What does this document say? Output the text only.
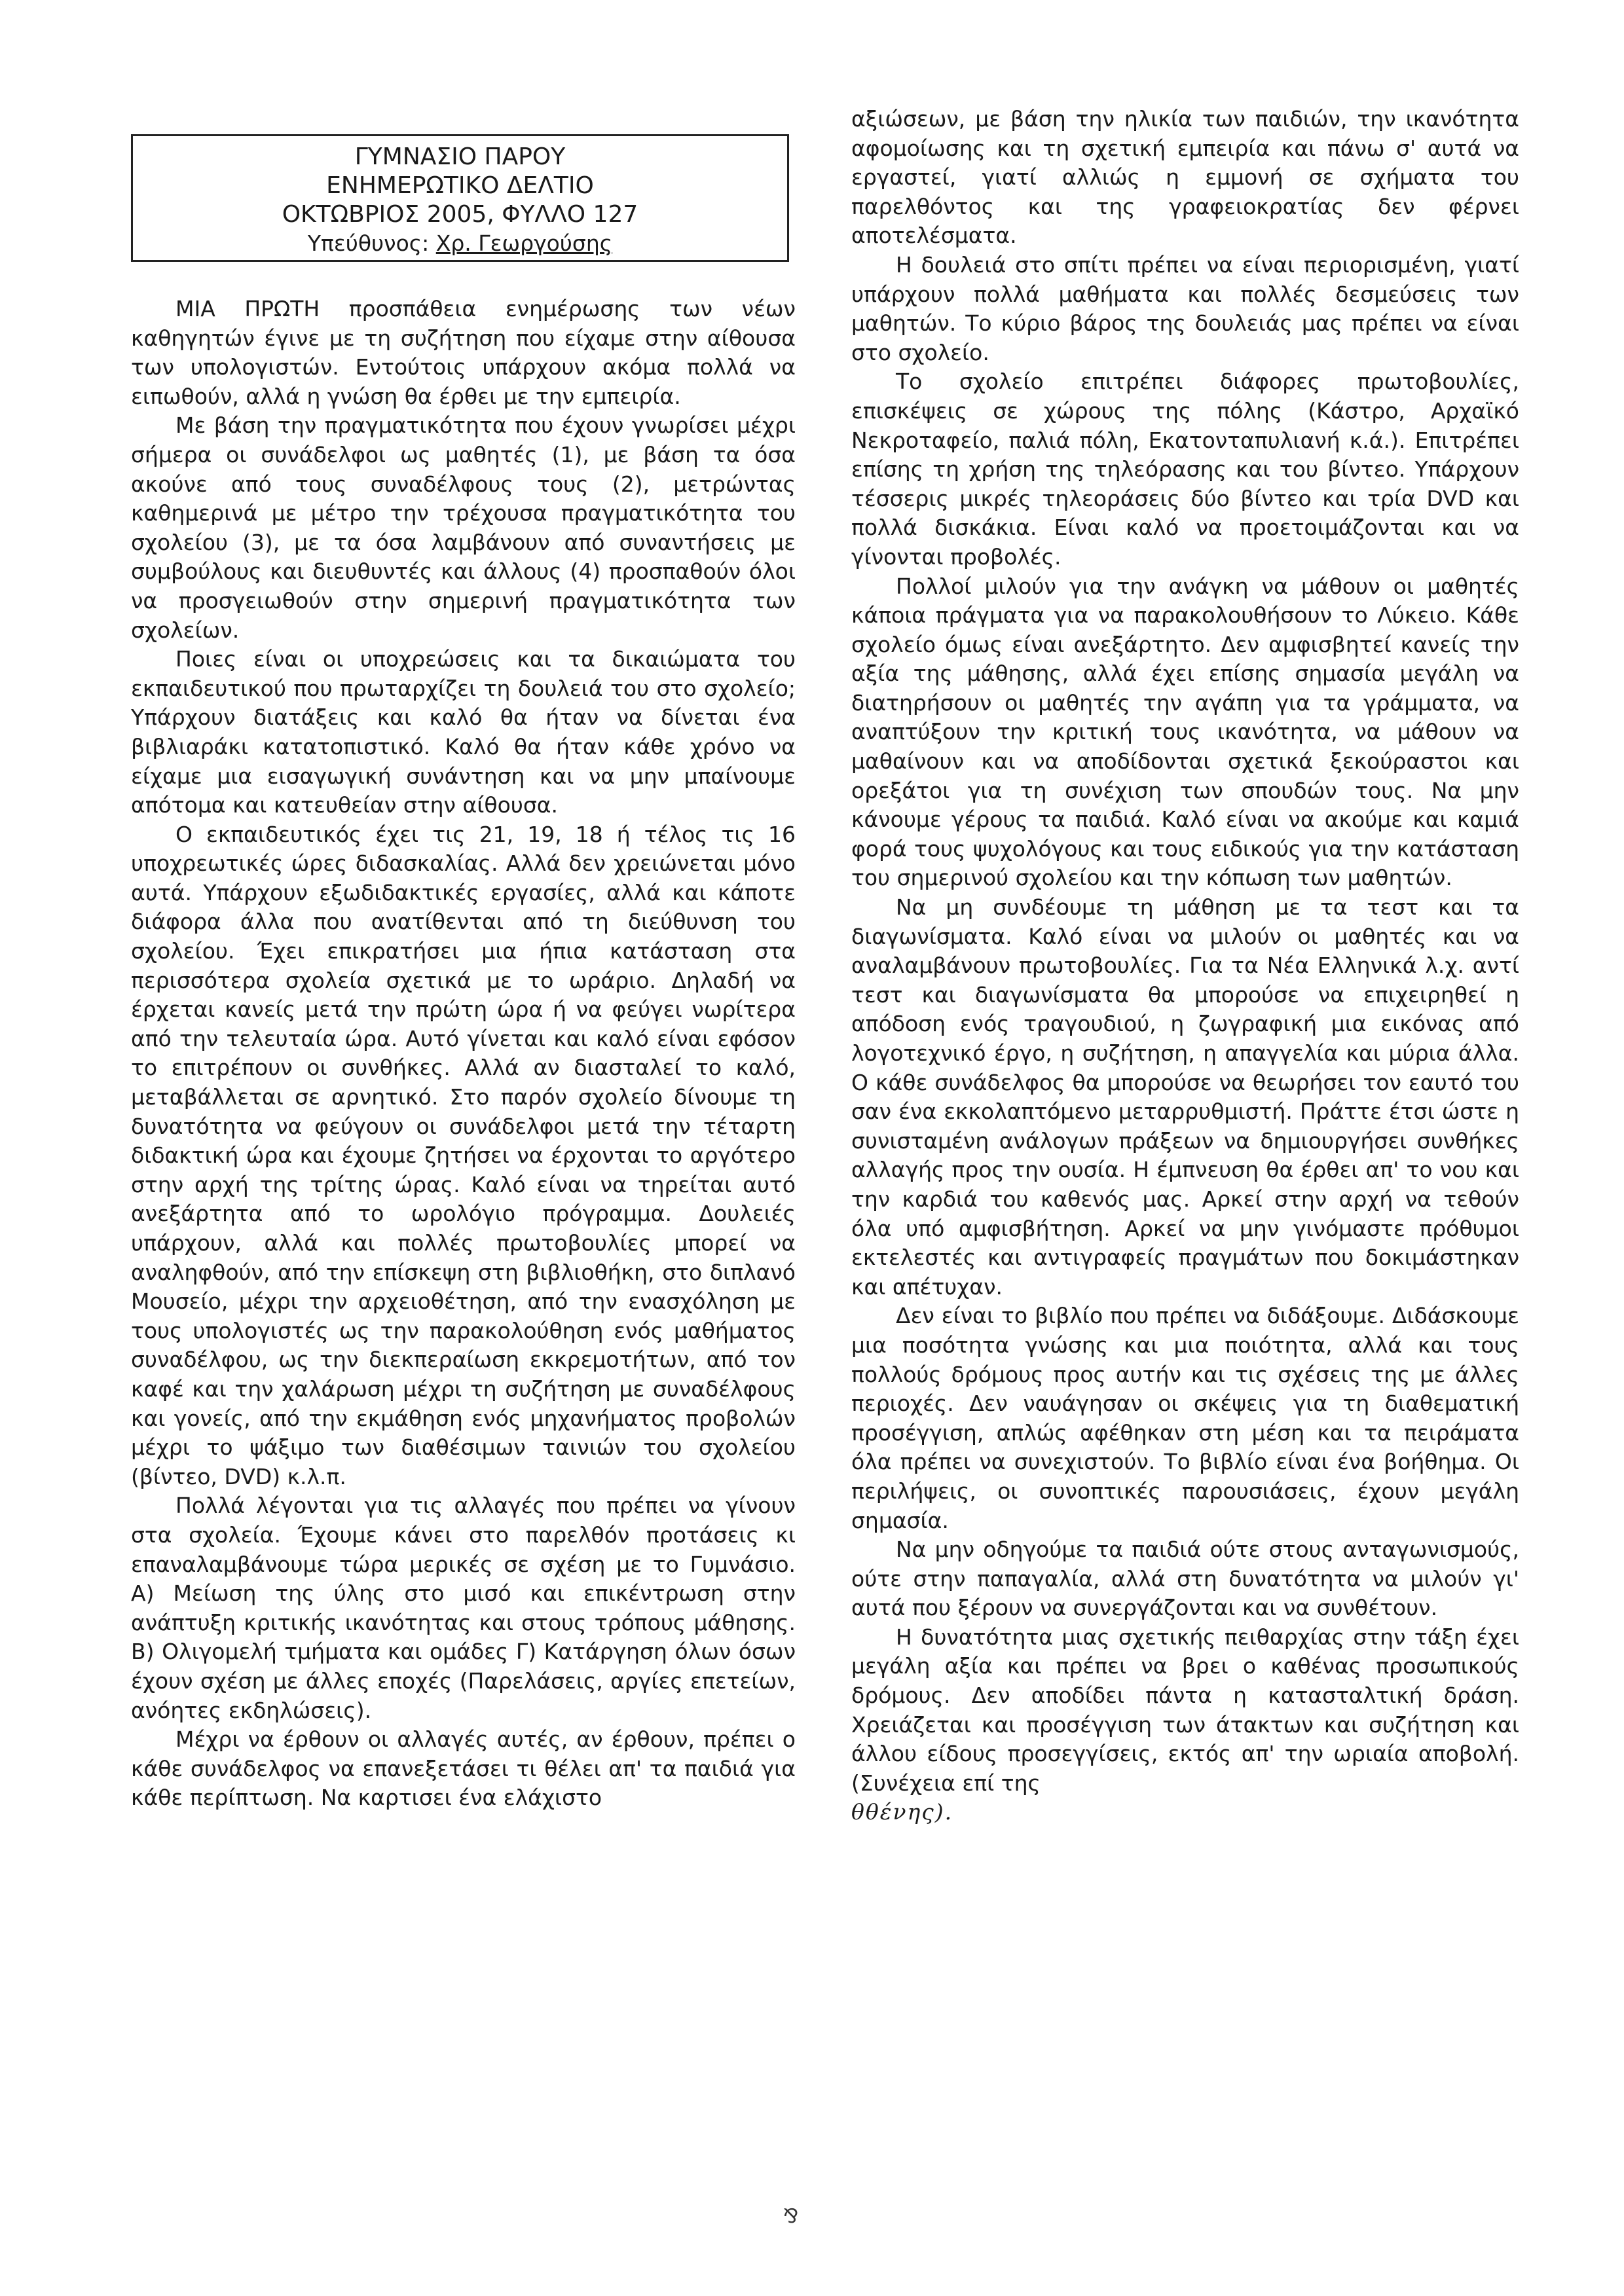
ΓΥΜΝΑΣΙΟ ΠΑΡΟΥ
ΕΝΗΜΕΡΩΤΙΚΟ ΔΕΛΤΙΟ
ΟΚΤΩΒΡΙΟΣ 2005, ΦΥΛΛΟ 127
Υπεύθυνος: Χρ. Γεωργούσης

ΜΙΑ ΠΡΩΤΗ προσπάθεια ενημέρωσης των νέων καθηγητών έγινε με τη συζήτηση που είχαμε στην αίθουσα των υπολογιστών. Εντούτοις υπάρχουν ακόμα πολλά να ειπωθούν, αλλά η γνώση θα έρθει με την εμπειρία.

Με βάση την πραγματικότητα που έχουν γνωρίσει μέχρι σήμερα οι συνάδελφοι ως μαθητές (1), με βάση τα όσα ακούνε από τους συναδέλφους τους (2), μετρώντας καθημερινά με μέτρο την τρέχουσα πραγματικότητα του σχολείου (3), με τα όσα λαμβάνουν από συναντήσεις με συμβούλους και διευθυντές και άλλους (4) προσπαθούν όλοι να προσγειωθούν στην σημερινή πραγματικότητα των σχολείων.

Ποιες είναι οι υποχρεώσεις και τα δικαιώματα του εκπαιδευτικού που πρωταρχίζει τη δουλειά του στο σχολείο; Υπάρχουν διατάξεις και καλό θα ήταν να δίνεται ένα βιβλιαράκι κατατοπιστικό. Καλό θα ήταν κάθε χρόνο να είχαμε μια εισαγωγική συνάντηση και να μην μπαίνουμε απότομα και κατευθείαν στην αίθουσα.

Ο εκπαιδευτικός έχει τις 21, 19, 18 ή τέλος τις 16 υποχρεωτικές ώρες διδασκαλίας. Αλλά δεν χρειώνεται μόνο αυτά. Υπάρχουν εξωδιδακτικές εργασίες, αλλά και κάποτε διάφορα άλλα που ανατίθενται από τη διεύθυνση του σχολείου. Έχει επικρατήσει μια ήπια κατάσταση στα περισσότερα σχολεία σχετικά με το ωράριο. Δηλαδή να έρχεται κανείς μετά την πρώτη ώρα ή να φεύγει νωρίτερα από την τελευταία ώρα. Αυτό γίνεται και καλό είναι εφόσον το επιτρέπουν οι συνθήκες. Αλλά αν διασταλεί το καλό, μεταβάλλεται σε αρνητικό. Στο παρόν σχολείο δίνουμε τη δυνατότητα να φεύγουν οι συνάδελφοι μετά την τέταρτη διδακτική ώρα και έχουμε ζητήσει να έρχονται το αργότερο στην αρχή της τρίτης ώρας. Καλό είναι να τηρείται αυτό ανεξάρτητα από το ωρολόγιο πρόγραμμα. Δουλειές υπάρχουν, αλλά και πολλές πρωτοβουλίες μπορεί να αναληφθούν, από την επίσκεψη στη βιβλιοθήκη, στο διπλανό Μουσείο, μέχρι την αρχειοθέτηση, από την ενασχόληση με τους υπολογιστές ως την παρακολούθηση ενός μαθήματος συναδέλφου, ως την διεκπεραίωση εκκρεμοτήτων, από τον καφέ και την χαλάρωση μέχρι τη συζήτηση με συναδέλφους και γονείς, από την εκμάθηση ενός μηχανήματος προβολών μέχρι το ψάξιμο των διαθέσιμων ταινιών του σχολείου (βίντεο, DVD) κ.λ.π.

Πολλά λέγονται για τις αλλαγές που πρέπει να γίνουν στα σχολεία. Έχουμε κάνει στο παρελθόν προτάσεις κι επαναλαμβάνουμε τώρα μερικές σε σχέση με το Γυμνάσιο. Α) Μείωση της ύλης στο μισό και επικέντρωση στην ανάπτυξη κριτικής ικανότητας και στους τρόπους μάθησης. Β) Ολιγομελή τμήματα και ομάδες Γ) Κατάργηση όλων όσων έχουν σχέση με άλλες εποχές (Παρελάσεις, αργίες επετείων, ανόητες εκδηλώσεις).

Μέχρι να έρθουν οι αλλαγές αυτές, αν έρθουν, πρέπει ο κάθε συνάδελφος να επανεξετάσει τι θέλει απ' τα παιδιά για κάθε περίπτωση. Να καρτισει ένα ελάχιστο

αξιώσεων, με βάση την ηλικία των παιδιών, την ικανότητα αφομοίωσης και τη σχετική εμπειρία και πάνω σ' αυτά να εργαστεί, γιατί αλλιώς η εμμονή σε σχήματα του παρελθόντος και της γραφειοκρατίας δεν φέρνει αποτελέσματα.

Η δουλειά στο σπίτι πρέπει να είναι περιορισμένη, γιατί υπάρχουν πολλά μαθήματα και πολλές δεσμεύσεις των μαθητών. Το κύριο βάρος της δουλειάς μας πρέπει να είναι στο σχολείο.

Το σχολείο επιτρέπει διάφορες πρωτοβουλίες, επισκέψεις σε χώρους της πόλης (Κάστρο, Αρχαϊκό Νεκροταφείο, παλιά πόλη, Εκατονταπυλιανή κ.ά.). Επιτρέπει επίσης τη χρήση της τηλεόρασης και του βίντεο. Υπάρχουν τέσσερις μικρές τηλεοράσεις δύο βίντεο και τρία DVD και πολλά δισκάκια. Είναι καλό να προετοιμάζονται και να γίνονται προβολές.

Πολλοί μιλούν για την ανάγκη να μάθουν οι μαθητές κάποια πράγματα για να παρακολουθήσουν το Λύκειο. Κάθε σχολείο όμως είναι ανεξάρτητο. Δεν αμφισβητεί κανείς την αξία της μάθησης, αλλά έχει επίσης σημασία μεγάλη να διατηρήσουν οι μαθητές την αγάπη για τα γράμματα, να αναπτύξουν την κριτική τους ικανότητα, να μάθουν να μαθαίνουν και να αποδίδονται σχετικά ξεκούραστοι και ορεξάτοι για τη συνέχιση των σπουδών τους. Να μην κάνουμε γέρους τα παιδιά. Καλό είναι να ακούμε και καμιά φορά τους ψυχολόγους και τους ειδικούς για την κατάσταση του σημερινού σχολείου και την κόπωση των μαθητών.

Να μη συνδέουμε τη μάθηση με τα τεστ και τα διαγωνίσματα. Καλό είναι να μιλούν οι μαθητές και να αναλαμβάνουν πρωτοβουλίες. Για τα Νέα Ελληνικά λ.χ. αντί τεστ και διαγωνίσματα θα μπορούσε να επιχειρηθεί η απόδοση ενός τραγουδιού, η ζωγραφική μια εικόνας από λογοτεχνικό έργο, η συζήτηση, η απαγγελία και μύρια άλλα. Ο κάθε συνάδελφος θα μπορούσε να θεωρήσει τον εαυτό του σαν ένα εκκολαπτόμενο μεταρρυθμιστή. Πράττε έτσι ώστε η συνισταμένη ανάλογων πράξεων να δημιουργήσει συνθήκες αλλαγής προς την ουσία. Η έμπνευση θα έρθει απ' το νου και την καρδιά του καθενός μας. Αρκεί στην αρχή να τεθούν όλα υπό αμφισβήτηση. Αρκεί να μην γινόμαστε πρόθυμοι εκτελεστές και αντιγραφείς πραγμάτων που δοκιμάστηκαν και απέτυχαν.

Δεν είναι το βιβλίο που πρέπει να διδάξουμε. Διδάσκουμε μια ποσότητα γνώσης και μια ποιότητα, αλλά και τους πολλούς δρόμους προς αυτήν και τις σχέσεις της με άλλες περιοχές. Δεν ναυάγησαν οι σκέψεις για τη διαθεματική προσέγγιση, απλώς αφέθηκαν στη μέση και τα πειράματα όλα πρέπει να συνεχιστούν. Το βιβλίο είναι ένα βοήθημα. Οι περιλήψεις, οι συνοπτικές παρουσιάσεις, έχουν μεγάλη σημασία.

Να μην οδηγούμε τα παιδιά ούτε στους ανταγωνισμούς, ούτε στην παπαγαλία, αλλά στη δυνατότητα να μιλούν γι' αυτά που ξέρουν να συνεργάζονται και να συνθέτουν.

Η δυνατότητα μιας σχετικής πειθαρχίας στην τάξη έχει μεγάλη αξία και πρέπει να βρει ο καθένας προσωπικούς δρόμους. Δεν αποδίδει πάντα η κατασταλτική δράση. Χρειάζεται και προσέγγιση των άτακτων και συζήτηση και άλλου είδους προσεγγίσεις, εκτός απ' την ωριαία αποβολή. (Συνέχεια επί της

θθένης).

⅋
